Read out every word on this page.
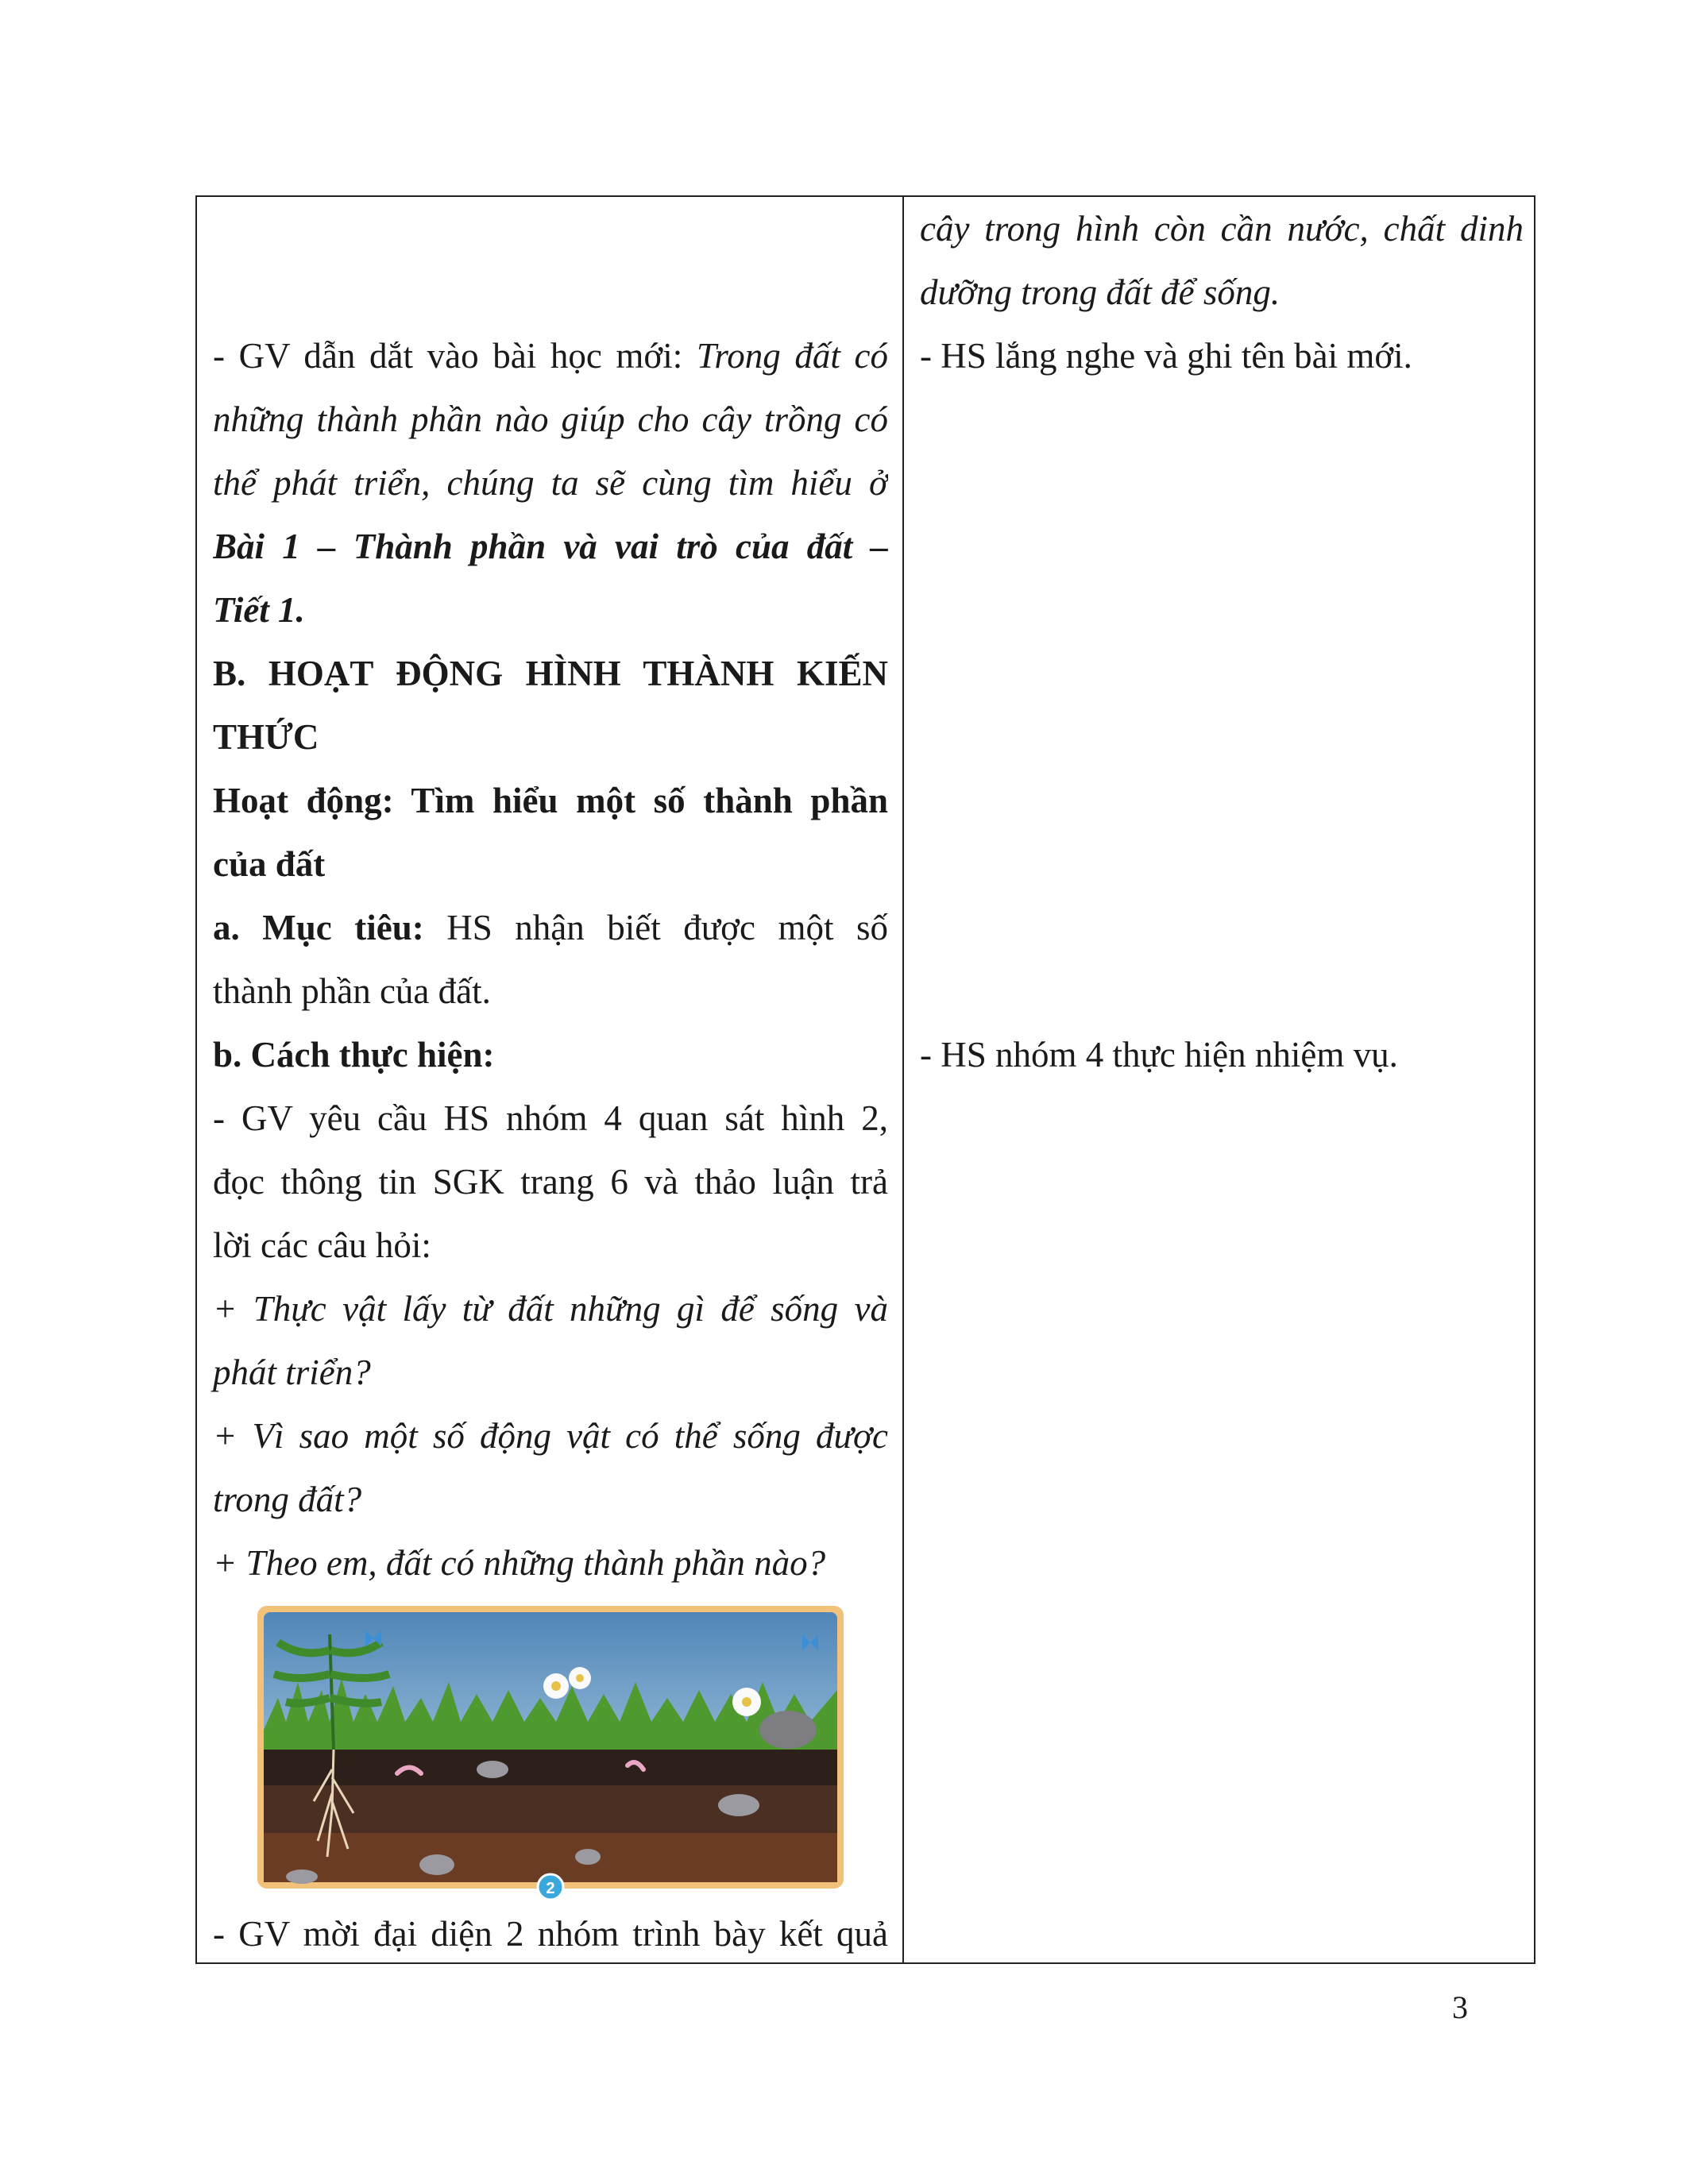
cây trong hình còn cần nước, chất dinh
dưỡng trong đất để sống.
- HS lắng nghe và ghi tên bài mới.
- HS nhóm 4 thực hiện nhiệm vụ.
- GV dẫn dắt vào bài học mới: Trong đất có
những thành phần nào giúp cho cây trồng có
thể phát triển, chúng ta sẽ cùng tìm hiểu ở
Bài 1 – Thành phần và vai trò của đất –
Tiết 1.
B. HOẠT ĐỘNG HÌNH THÀNH KIẾN
THỨC
Hoạt động: Tìm hiểu một số thành phần
của đất
a. Mục tiêu: HS nhận biết được một số
thành phần của đất.
b. Cách thực hiện:
- GV yêu cầu HS nhóm 4 quan sát hình 2,
đọc thông tin SGK trang 6 và thảo luận trả
lời các câu hỏi:
+ Thực vật lấy từ đất những gì để sống và
phát triển?
+ Vì sao một số động vật có thể sống được
trong đất?
+ Theo em, đất có những thành phần nào?
2
- GV mời đại diện 2 nhóm trình bày kết quả
3
